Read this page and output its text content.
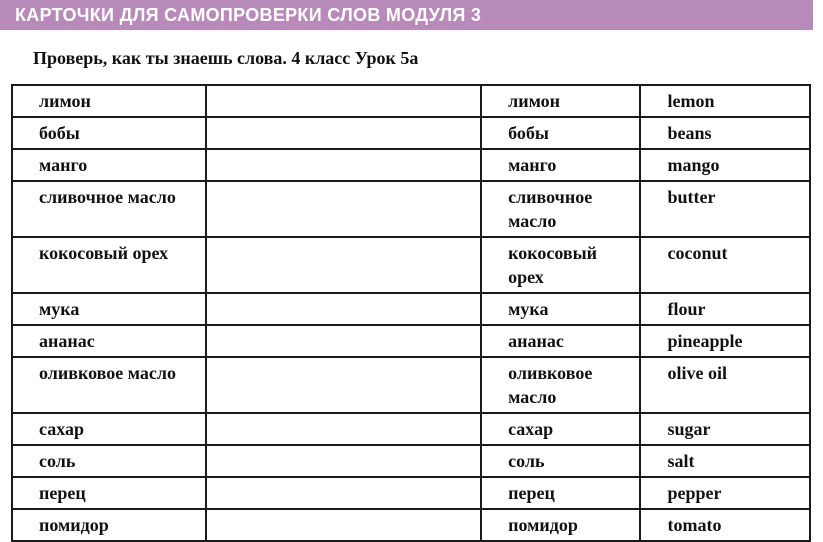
КАРТОЧКИ ДЛЯ САМОПРОВЕРКИ СЛОВ МОДУЛЯ 3
Проверь, как ты знаешь слова. 4 класс Урок 5а
лимон		лимон	lemon
бобы		бобы	beans
манго		манго	mango
сливочное масло		сливочное масло	butter
кокосовый орех		кокосовый орех	coconut
мука		мука	flour
ананас		ананас	pineapple
оливковое масло		оливковое масло	olive oil
сахар		сахар	sugar
соль		соль	salt
перец		перец	pepper
помидор		помидор	tomato
